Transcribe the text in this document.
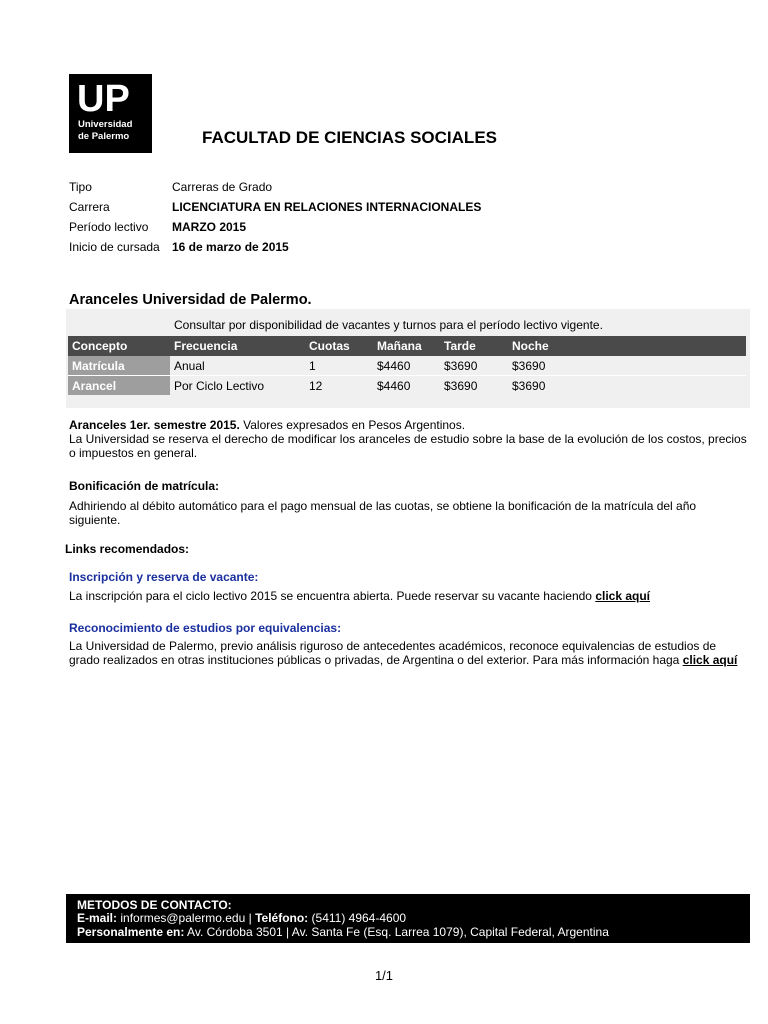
UP
Universidad
de Palermo	FACULTAD DE CIENCIAS SOCIALES
Tipo	Carreras de Grado
Carrera	LICENCIATURA EN RELACIONES INTERNACIONALES
Período lectivo	MARZO 2015
Inicio de cursada	16 de marzo de 2015
Aranceles Universidad de Palermo.
Consultar por disponibilidad de vacantes y turnos para el período lectivo vigente.
Concepto	Frecuencia	Cuotas	Mañana	Tarde	Noche
Matrícula	Anual	1	$4460	$3690	$3690
Arancel	Por Ciclo Lectivo	12	$4460	$3690	$3690
Aranceles 1er. semestre 2015. Valores expresados en Pesos Argentinos.
La Universidad se reserva el derecho de modificar los aranceles de estudio sobre la base de la evolución de los costos, precios o impuestos en general.
Bonificación de matrícula:
Adhiriendo al débito automático para el pago mensual de las cuotas, se obtiene la bonificación de la matrícula del año siguiente.
Links recomendados:
Inscripción y reserva de vacante:
La inscripción para el ciclo lectivo 2015 se encuentra abierta. Puede reservar su vacante haciendo click aquí
Reconocimiento de estudios por equivalencias:
La Universidad de Palermo, previo análisis riguroso de antecedentes académicos, reconoce equivalencias de estudios de grado realizados en otras instituciones públicas o privadas, de Argentina o del exterior. Para más información haga click aquí
METODOS DE CONTACTO:
E-mail: informes@palermo.edu | Teléfono: (5411) 4964-4600
Personalmente en: Av. Córdoba 3501 | Av. Santa Fe (Esq. Larrea 1079), Capital Federal, Argentina
1/1
